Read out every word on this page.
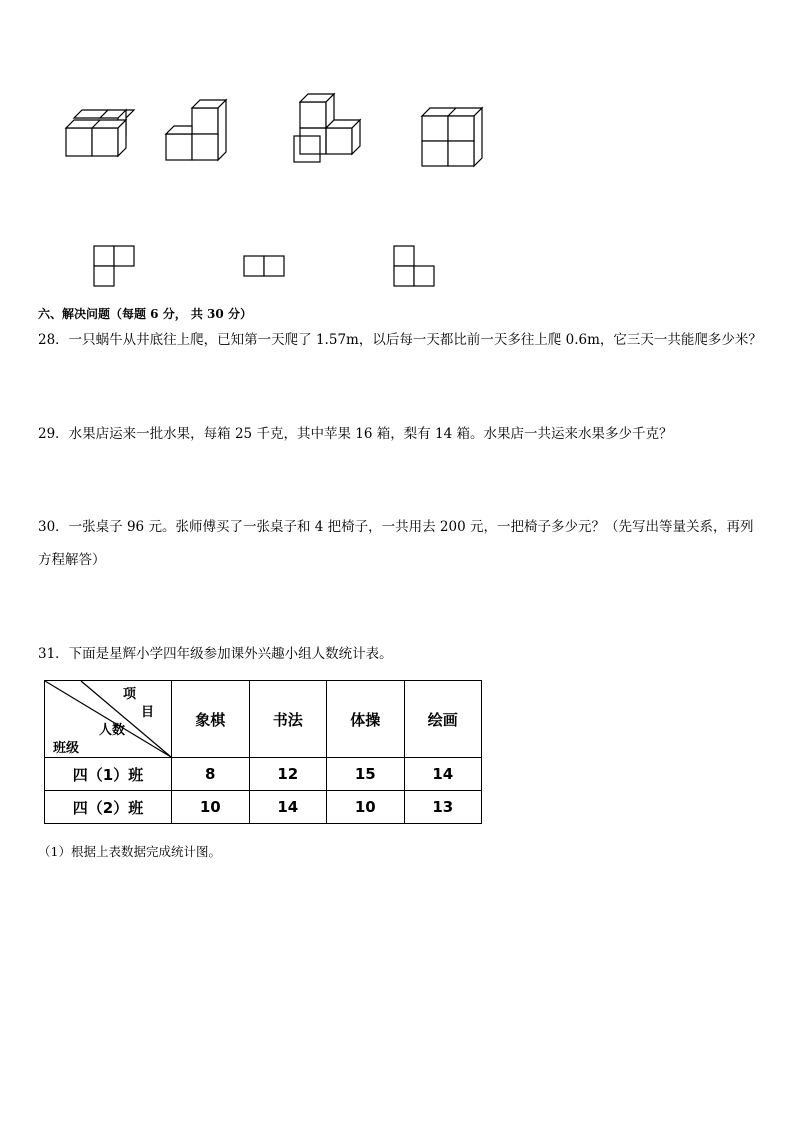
六、解决问题（每题 6 分， 共 30 分）
28．一只蜗牛从井底往上爬，已知第一天爬了 1.57m，以后每一天都比前一天多往上爬 0.6m，它三天一共能爬多少米？
29．水果店运来一批水果，每箱 25 千克，其中苹果 16 箱，梨有 14 箱。水果店一共运来水果多少千克？
30．一张桌子 96 元。张师傅买了一张桌子和 4 把椅子，一共用去 200 元，一把椅子多少元？（先写出等量关系，再列
方程解答）
31．下面是星辉小学四年级参加课外兴趣小组人数统计表。
项
目
人数
班级	象棋	书法	体操	绘画
四（1）班	8	12	15	14
四（2）班	10	14	10	13
（1）根据上表数据完成统计图。
